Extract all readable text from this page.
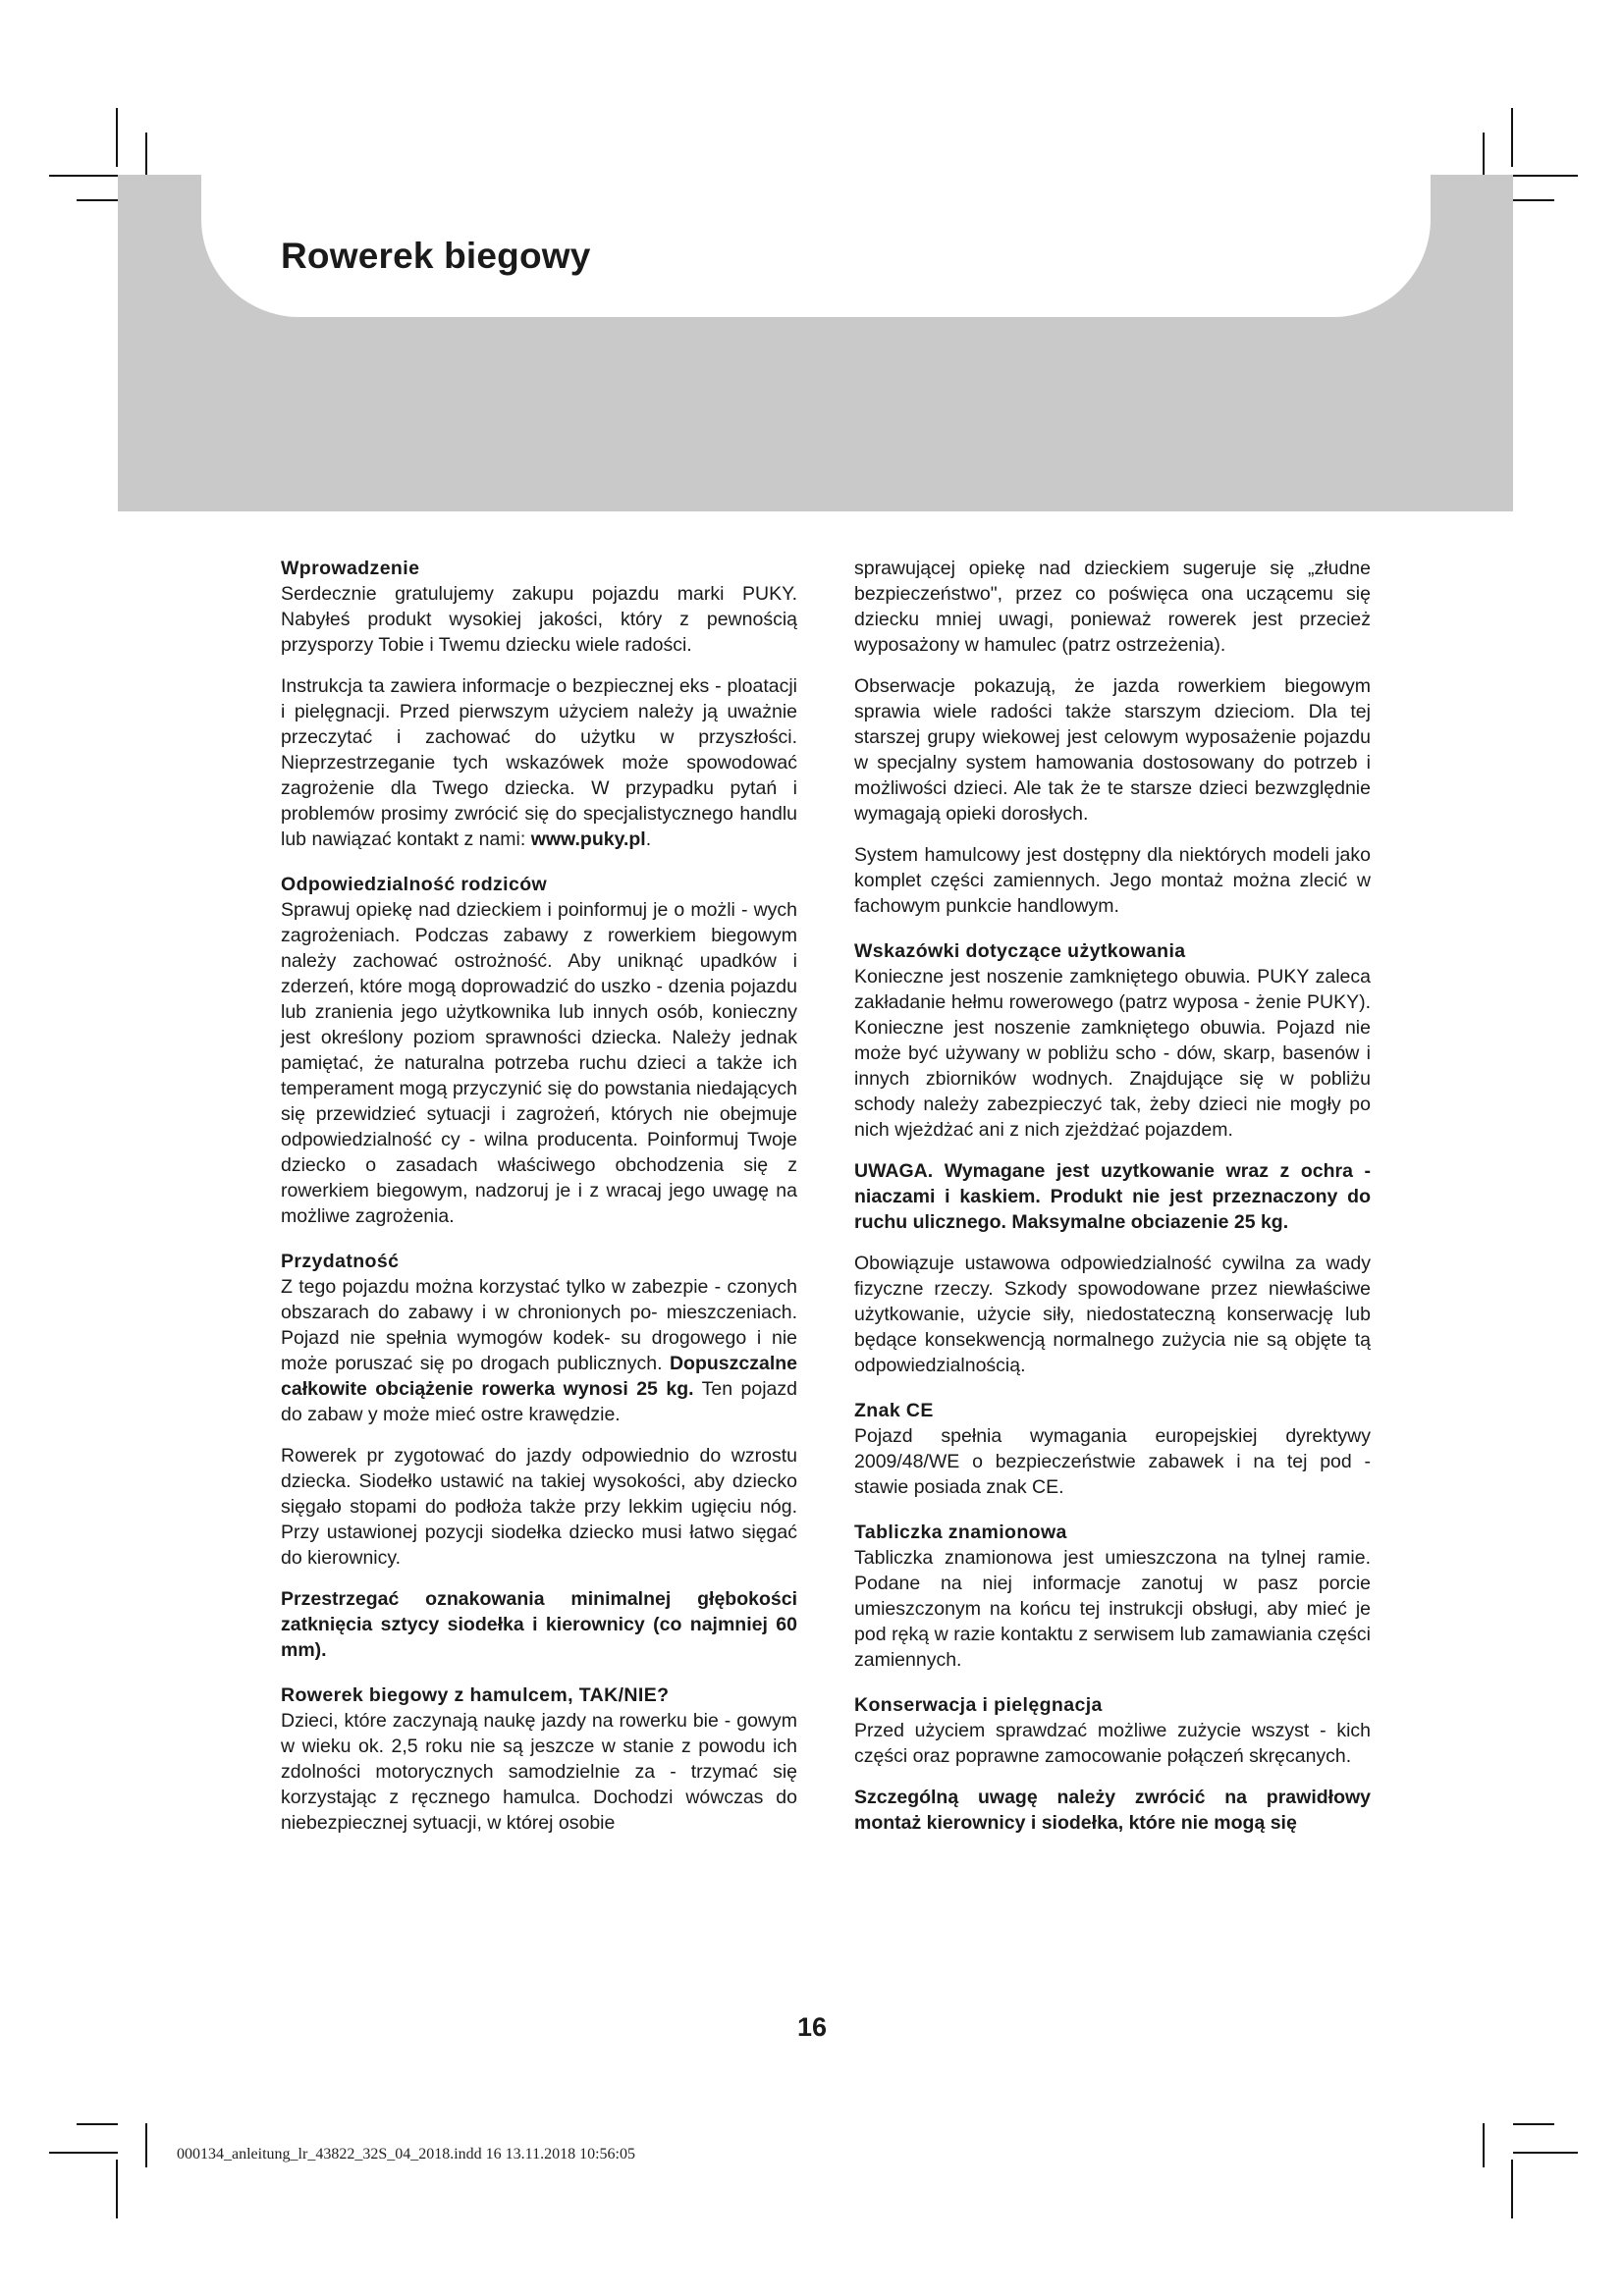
Rowerek biegowy
Wprowadzenie

Serdecznie gratulujemy zakupu pojazdu marki PUKY. Nabyłeś produkt wysokiej jakości, który z pewnością przysporzy Tobie i Twemu dziecku wiele radości.

Instrukcja ta zawiera informacje o bezpiecznej eks - ploatacji i pielęgnacji. Przed pierwszym użyciem należy ją uważnie przeczytać i zachować do użytku w przyszłości. Nieprzestrzeganie tych wskazówek może spowodować zagrożenie dla Twego dziecka. W przypadku pytań i problemów prosimy zwrócić się do specjalistycznego handlu lub nawiązać kontakt z nami: www.puky.pl.

Odpowiedzialność rodziców

Sprawuj opiekę nad dzieckiem i poinformuj je o możli - wych zagrożeniach. Podczas zabawy z rowerkiem biegowym należy zachować ostrożność. Aby uniknąć upadków i zderzeń, które mogą doprowadzić do uszko - dzenia pojazdu lub zranienia jego użytkownika lub innych osób, konieczny jest określony poziom sprawności dziecka. Należy jednak pamiętać, że naturalna potrzeba ruchu dzieci a także ich temperament mogą przyczynić się do powstania niedających się przewidzieć sytuacji i zagrożeń, których nie obejmuje odpowiedzialność cy - wilna producenta. Poinformuj Twoje dziecko o zasadach właściwego obchodzenia się z rowerkiem biegowym, nadzoruj je i z wracaj jego uwagę na możliwe zagrożenia.

Przydatność

Z tego pojazdu można korzystać tylko w zabezpie - czonych obszarach do zabawy i w chronionych po- mieszczeniach. Pojazd nie spełnia wymogów kodek- su drogowego i nie może poruszać się po drogach publicznych. Dopuszczalne całkowite obciążenie rowerka wynosi 25 kg. Ten pojazd do zabaw y może mieć ostre krawędzie.

Rowerek pr zygotować do jazdy odpowiednio do wzrostu dziecka. Siodełko ustawić na takiej wysokości, aby dziecko sięgało stopami do podłoża także przy lekkim ugięciu nóg. Przy ustawionej pozycji siodełka dziecko musi łatwo sięgać do kierownicy.

Przestrzegać oznakowania minimalnej głębokości zatknięcia sztycy siodełka i kierownicy (co najmniej 60 mm).

Rowerek biegowy z hamulcem, TAK/NIE?

Dzieci, które zaczynają naukę jazdy na rowerku bie - gowym w wieku ok. 2,5 roku nie są jeszcze w stanie z powodu ich zdolności motorycznych samodzielnie za - trzymać się korzystając z ręcznego hamulca. Dochodzi wówczas do niebezpiecznej sytuacji, w której osobie

sprawującej opiekę nad dzieckiem sugeruje się „złudne bezpieczeństwo", przez co poświęca ona uczącemu się dziecku mniej uwagi, ponieważ rowerek jest przecież wyposażony w hamulec (patrz ostrzeżenia).

Obserwacje pokazują, że jazda rowerkiem biegowym sprawia wiele radości także starszym dzieciom. Dla tej starszej grupy wiekowej jest celowym wyposażenie pojazdu w specjalny system hamowania dostosowany do potrzeb i możliwości dzieci. Ale tak że te starsze dzieci bezwzględnie wymagają opieki dorosłych.

System hamulcowy jest dostępny dla niektórych modeli jako komplet części zamiennych. Jego montaż można zlecić w fachowym punkcie handlowym.

Wskazówki dotyczące użytkowania

Konieczne jest noszenie zamkniętego obuwia. PUKY zaleca zakładanie hełmu rowerowego (patrz wyposa - żenie PUKY). Konieczne jest noszenie zamkniętego obuwia. Pojazd nie może być używany w pobliżu scho - dów, skarp, basenów i innych zbiorników wodnych. Znajdujące się w pobliżu schody należy zabezpieczyć tak, żeby dzieci nie mogły po nich wjeżdżać ani z nich zjeżdżać pojazdem.

UWAGA. Wymagane jest uzytkowanie wraz z ochra - niaczami i kaskiem. Produkt nie jest przeznaczony do ruchu ulicznego. Maksymalne obciazenie 25 kg.

Obowiązuje ustawowa odpowiedzialność cywilna za wady fizyczne rzeczy. Szkody spowodowane przez niewłaściwe użytkowanie, użycie siły, niedostateczną konserwację lub będące konsekwencją normalnego zużycia nie są objęte tą odpowiedzialnością.

Znak CE

Pojazd spełnia wymagania europejskiej dyrektywy 2009/48/WE o bezpieczeństwie zabawek i na tej pod - stawie posiada znak CE.

Tabliczka znamionowa

Tabliczka znamionowa jest umieszczona na tylnej ramie. Podane na niej informacje zanotuj w pasz porcie umieszczonym na końcu tej instrukcji obsługi, aby mieć je pod ręką w razie kontaktu z serwisem lub zamawiania części zamiennych.

Konserwacja i pielęgnacja

Przed użyciem sprawdzać możliwe zużycie wszyst - kich części oraz poprawne zamocowanie połączeń skręcanych.

Szczególną uwagę należy zwrócić na prawidłowy montaż kierownicy i siodełka, które nie mogą się

16
000134_anleitung_lr_43822_32S_04_2018.indd 16 13.11.2018 10:56:05
